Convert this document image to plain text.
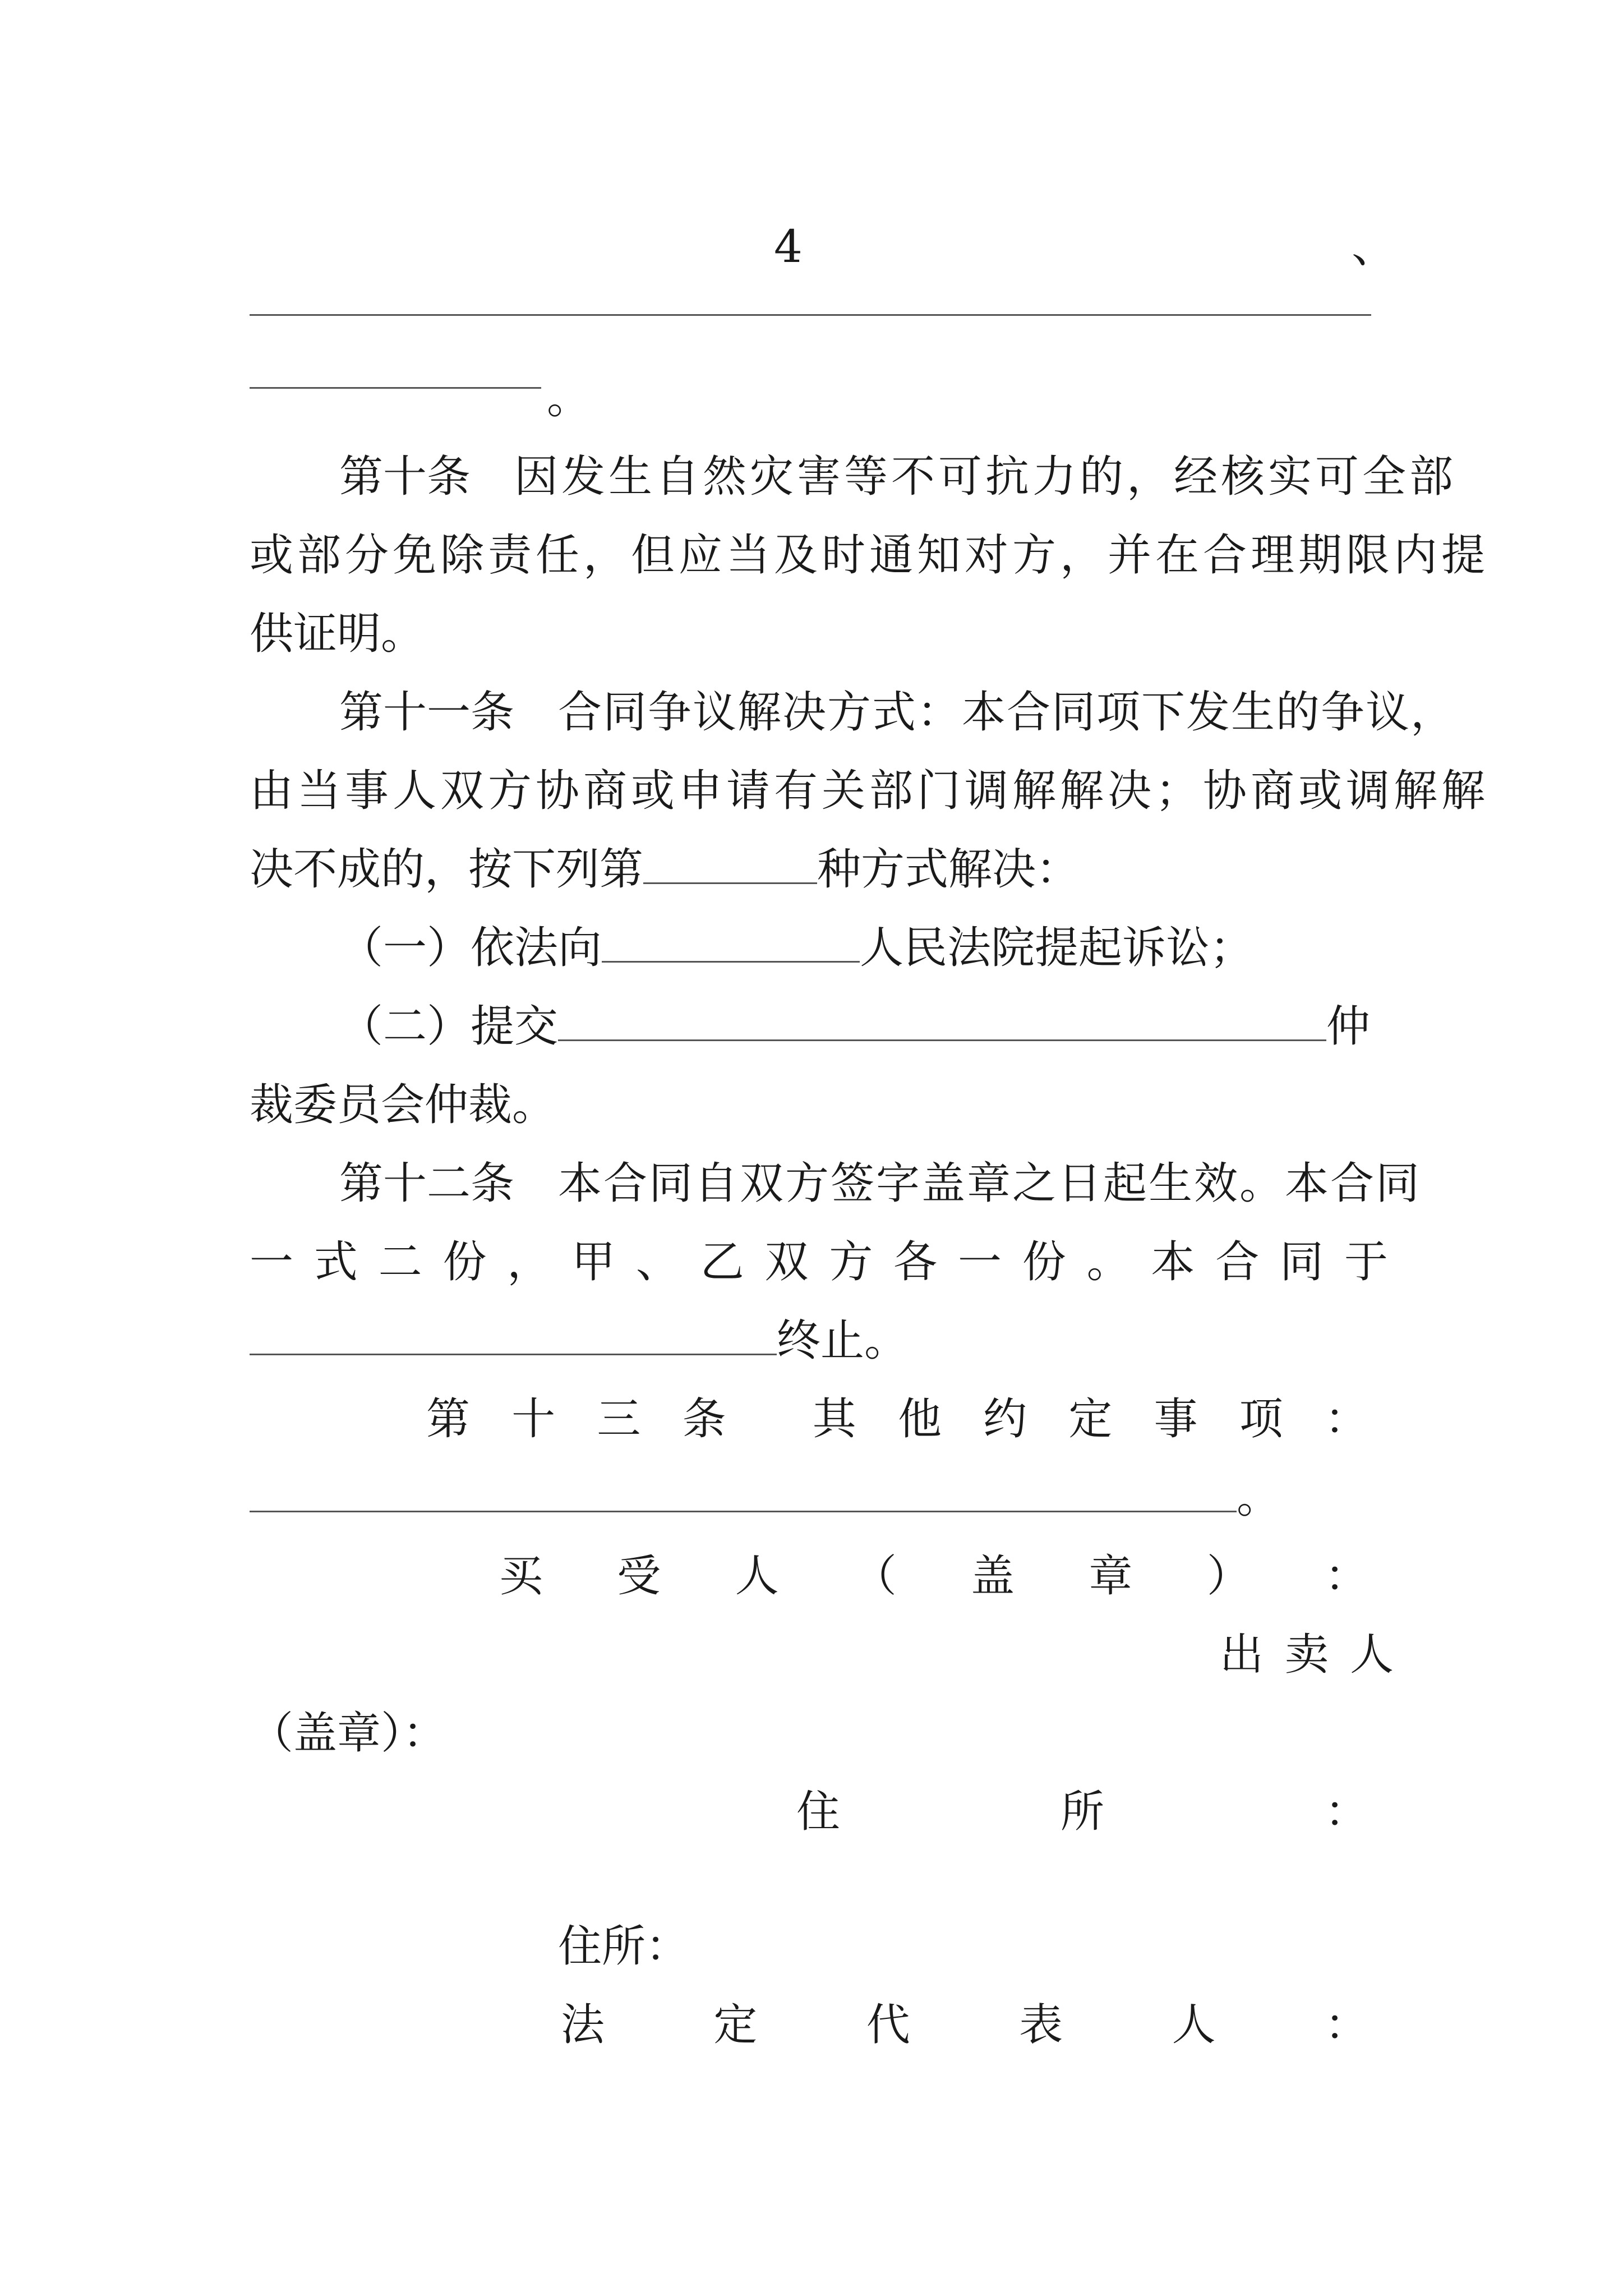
4	、
。
第十条 因发生自然灾害等不可抗力的，经核实可全部
或部分免除责任，但应当及时通知对方，并在合理期限内提
供证明。
第十一条 合同争议解决方式：本合同项下发生的争议，
由当事人双方协商或申请有关部门调解解决；协商或调解解
决不成的，按下列第	种方式解决：
（一）依法向	人民法院提起诉讼；
（二）提交	仲
裁委员会仲裁。
第十二条 本合同自双方签字盖章之日起生效。本合同
一 式 二 份 ， 甲 、 乙 双 方 各 一 份 。 本 合 同 于
终止。
第 十 三 条 其 他 约 定 事 项 ：
。
买 受 人 （ 盖 章 ） ：
出 卖 人
（盖章）：
住	所	：
住所：
法 定 代 表 人 ：
